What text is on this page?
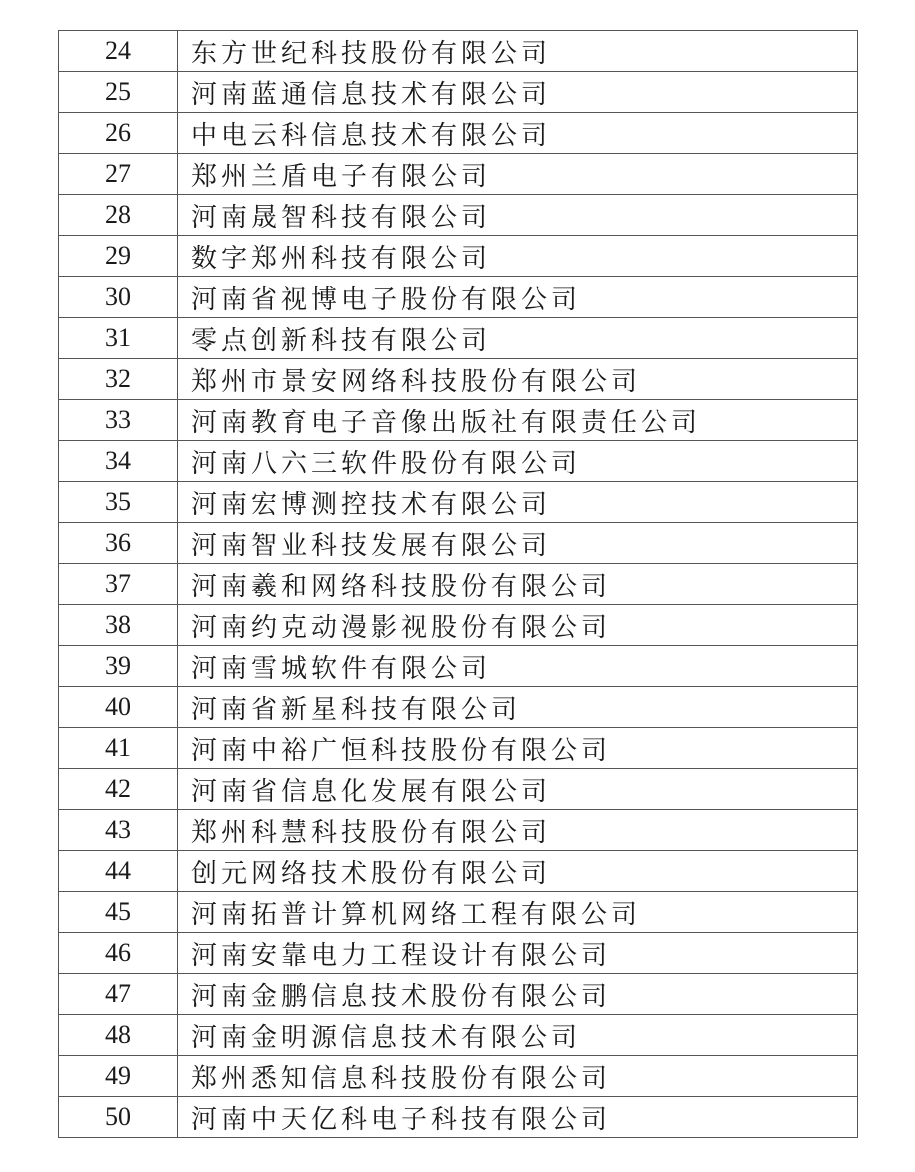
24	东方世纪科技股份有限公司
25	河南蓝通信息技术有限公司
26	中电云科信息技术有限公司
27	郑州兰盾电子有限公司
28	河南晟智科技有限公司
29	数字郑州科技有限公司
30	河南省视博电子股份有限公司
31	零点创新科技有限公司
32	郑州市景安网络科技股份有限公司
33	河南教育电子音像出版社有限责任公司
34	河南八六三软件股份有限公司
35	河南宏博测控技术有限公司
36	河南智业科技发展有限公司
37	河南羲和网络科技股份有限公司
38	河南约克动漫影视股份有限公司
39	河南雪城软件有限公司
40	河南省新星科技有限公司
41	河南中裕广恒科技股份有限公司
42	河南省信息化发展有限公司
43	郑州科慧科技股份有限公司
44	创元网络技术股份有限公司
45	河南拓普计算机网络工程有限公司
46	河南安靠电力工程设计有限公司
47	河南金鹏信息技术股份有限公司
48	河南金明源信息技术有限公司
49	郑州悉知信息科技股份有限公司
50	河南中天亿科电子科技有限公司
